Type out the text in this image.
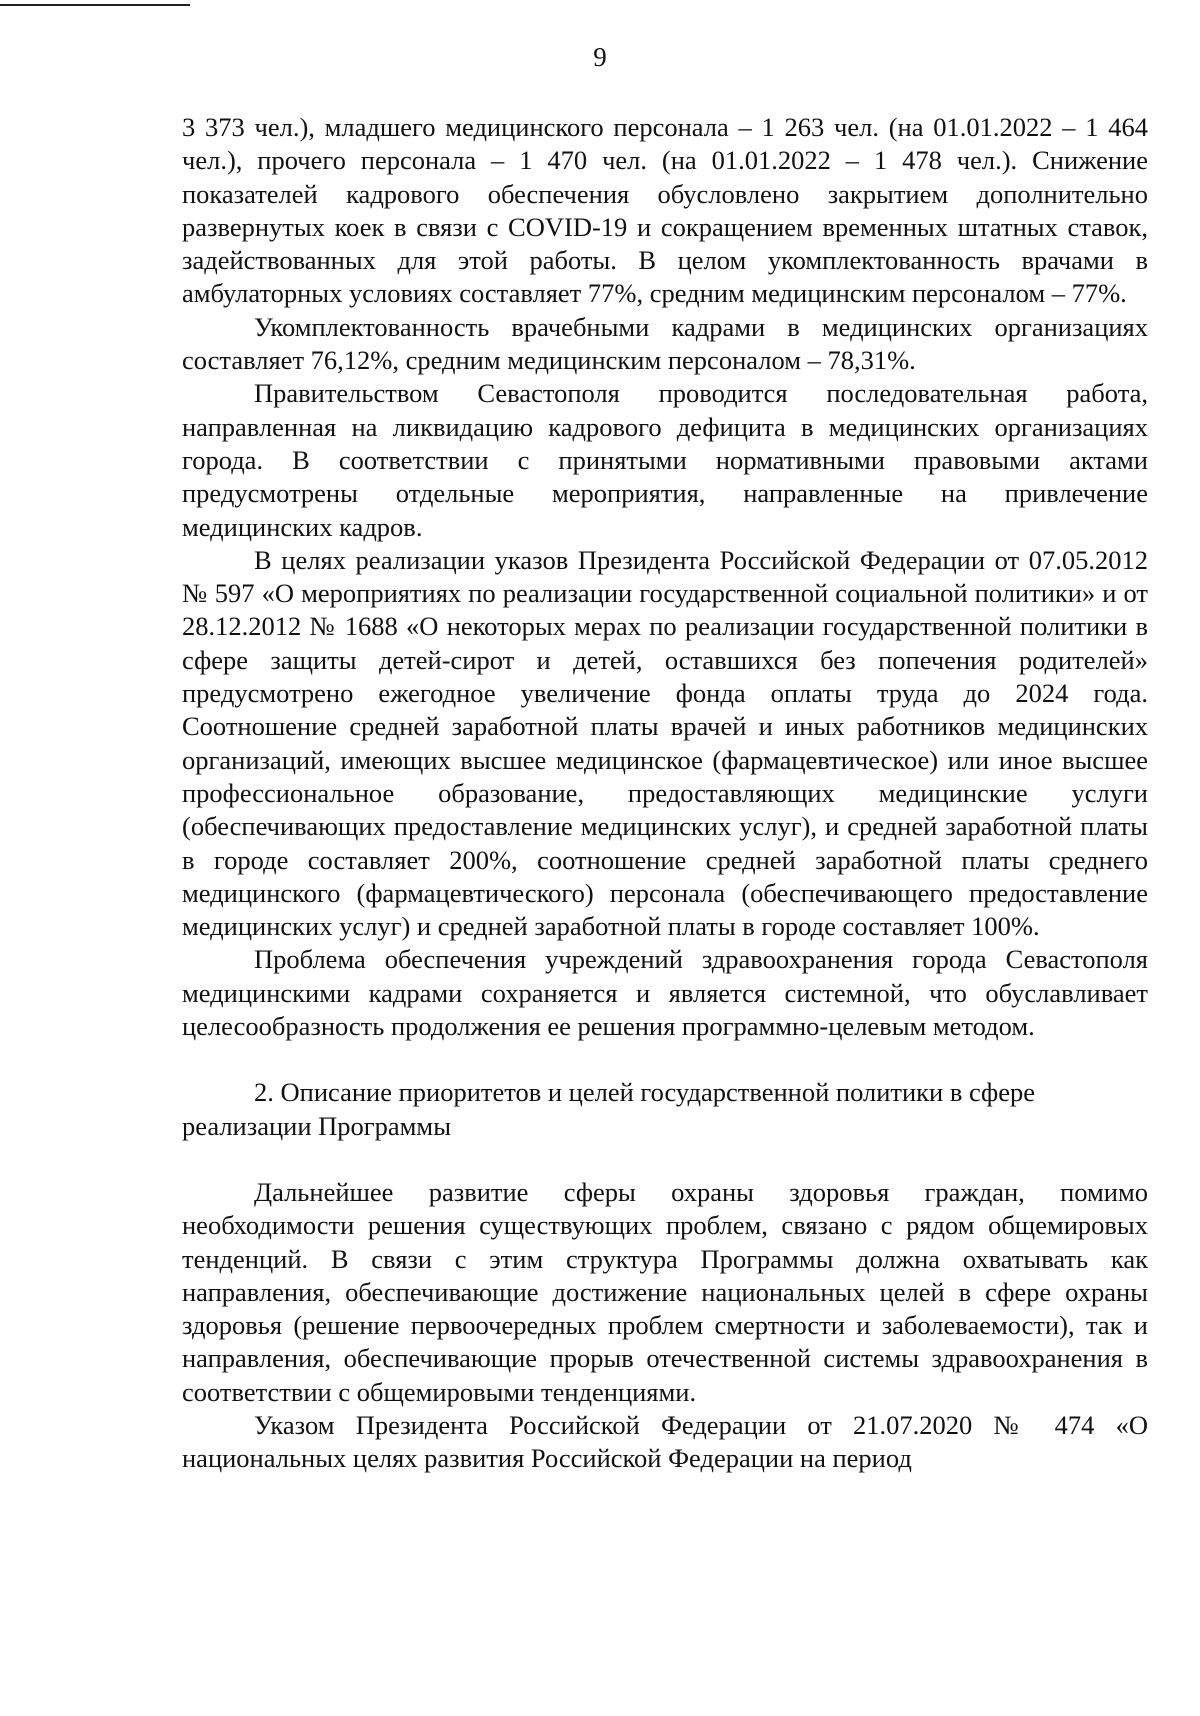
9

3 373 чел.), младшего медицинского персонала – 1 263 чел. (на 01.01.2022 – 1 464 чел.), прочего персонала – 1 470 чел. (на 01.01.2022 – 1 478 чел.). Снижение показателей кадрового обеспечения обусловлено закрытием дополнительно развернутых коек в связи с COVID-19 и сокращением временных штатных ставок, задействованных для этой работы. В целом укомплектованность врачами в амбулаторных условиях составляет 77%, средним медицинским персоналом – 77%.

Укомплектованность врачебными кадрами в медицинских организациях составляет 76,12%, средним медицинским персоналом – 78,31%.

Правительством Севастополя проводится последовательная работа, направленная на ликвидацию кадрового дефицита в медицинских организациях города. В соответствии с принятыми нормативными правовыми актами предусмотрены отдельные мероприятия, направленные на привлечение медицинских кадров.

В целях реализации указов Президента Российской Федерации от 07.05.2012 № 597 «О мероприятиях по реализации государственной социальной политики» и от 28.12.2012 № 1688 «О некоторых мерах по реализации государственной политики в сфере защиты детей-сирот и детей, оставшихся без попечения родителей» предусмотрено ежегодное увеличение фонда оплаты труда до 2024 года. Соотношение средней заработной платы врачей и иных работников медицинских организаций, имеющих высшее медицинское (фармацевтическое) или иное высшее профессиональное образование, предоставляющих медицинские услуги (обеспечивающих предоставление медицинских услуг), и средней заработной платы в городе составляет 200%, соотношение средней заработной платы среднего медицинского (фармацевтического) персонала (обеспечивающего предоставление медицинских услуг) и средней заработной платы в городе составляет 100%.

Проблема обеспечения учреждений здравоохранения города Севастополя медицинскими кадрами сохраняется и является системной, что обуславливает целесообразность продолжения ее решения программно-целевым методом.

2. Описание приоритетов и целей государственной политики в сфере реализации Программы

Дальнейшее развитие сферы охраны здоровья граждан, помимо необходимости решения существующих проблем, связано с рядом общемировых тенденций. В связи с этим структура Программы должна охватывать как направления, обеспечивающие достижение национальных целей в сфере охраны здоровья (решение первоочередных проблем смертности и заболеваемости), так и направления, обеспечивающие прорыв отечественной системы здравоохранения в соответствии с общемировыми тенденциями.

Указом Президента Российской Федерации от 21.07.2020 № 474 «О национальных целях развития Российской Федерации на период
